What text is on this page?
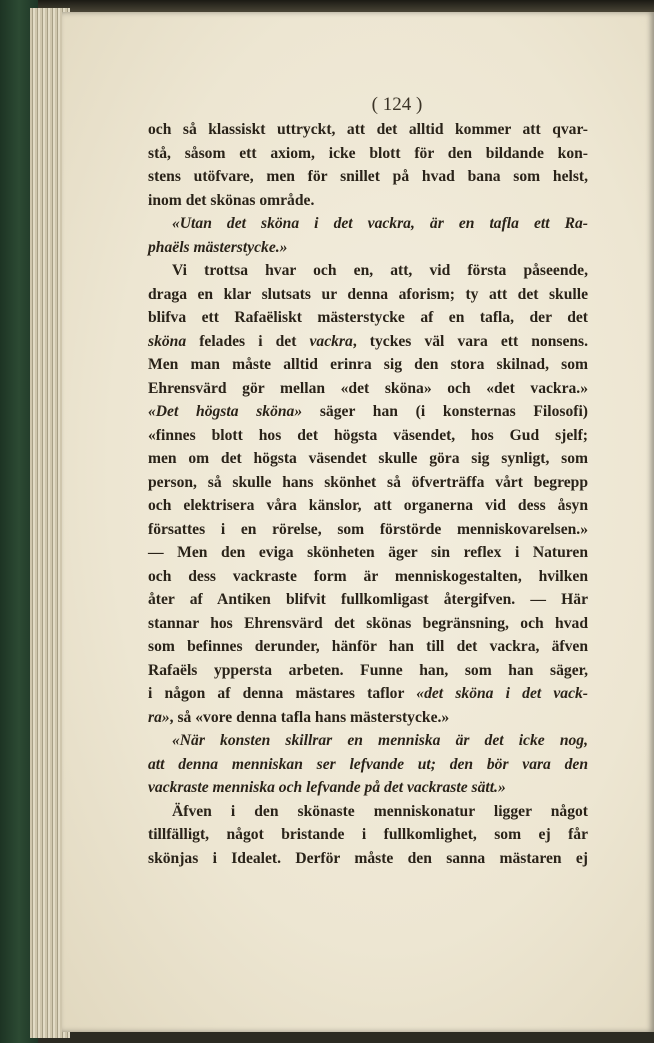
( 124 )
och så klassiskt uttryckt, att det alltid kommer att qvar-
stå, såsom ett axiom, icke blott för den bildande kon-
stens utöfvare, men för snillet på hvad bana som helst,
inom det skönas område.
«Utan det sköna i det vackra, är en tafla ett Ra-
phaëls mästerstycke.»
Vi trottsa hvar och en, att, vid första påseende,
draga en klar slutsats ur denna aforism; ty att det skulle
blifva ett Rafaëliskt mästerstycke af en tafla, der det
sköna felades i det vackra, tyckes väl vara ett nonsens.
Men man måste alltid erinra sig den stora skilnad, som
Ehrensvärd gör mellan «det sköna» och «det vackra.»
«Det högsta sköna» säger han (i konsternas Filosofi)
«finnes blott hos det högsta väsendet, hos Gud sjelf;
men om det högsta väsendet skulle göra sig synligt, som
person, så skulle hans skönhet så öfverträffa vårt begrepp
och elektrisera våra känslor, att organerna vid dess åsyn
försattes i en rörelse, som förstörde menniskovarelsen.»
— Men den eviga skönheten äger sin reflex i Naturen
och dess vackraste form är menniskogestalten, hvilken
åter af Antiken blifvit fullkomligast återgifven. — Här
stannar hos Ehrensvärd det skönas begränsning, och hvad
som befinnes derunder, hänför han till det vackra, äfven
Rafaëls yppersta arbeten. Funne han, som han säger,
i någon af denna mästares taflor «det sköna i det vack-
ra», så «vore denna tafla hans mästerstycke.»
«När konsten skillrar en menniska är det icke nog,
att denna menniskan ser lefvande ut; den bör vara den
vackraste menniska och lefvande på det vackraste sätt.»
Äfven i den skönaste menniskonatur ligger något
tillfälligt, något bristande i fullkomlighet, som ej får
skönjas i Idealet. Derför måste den sanna mästaren ej
